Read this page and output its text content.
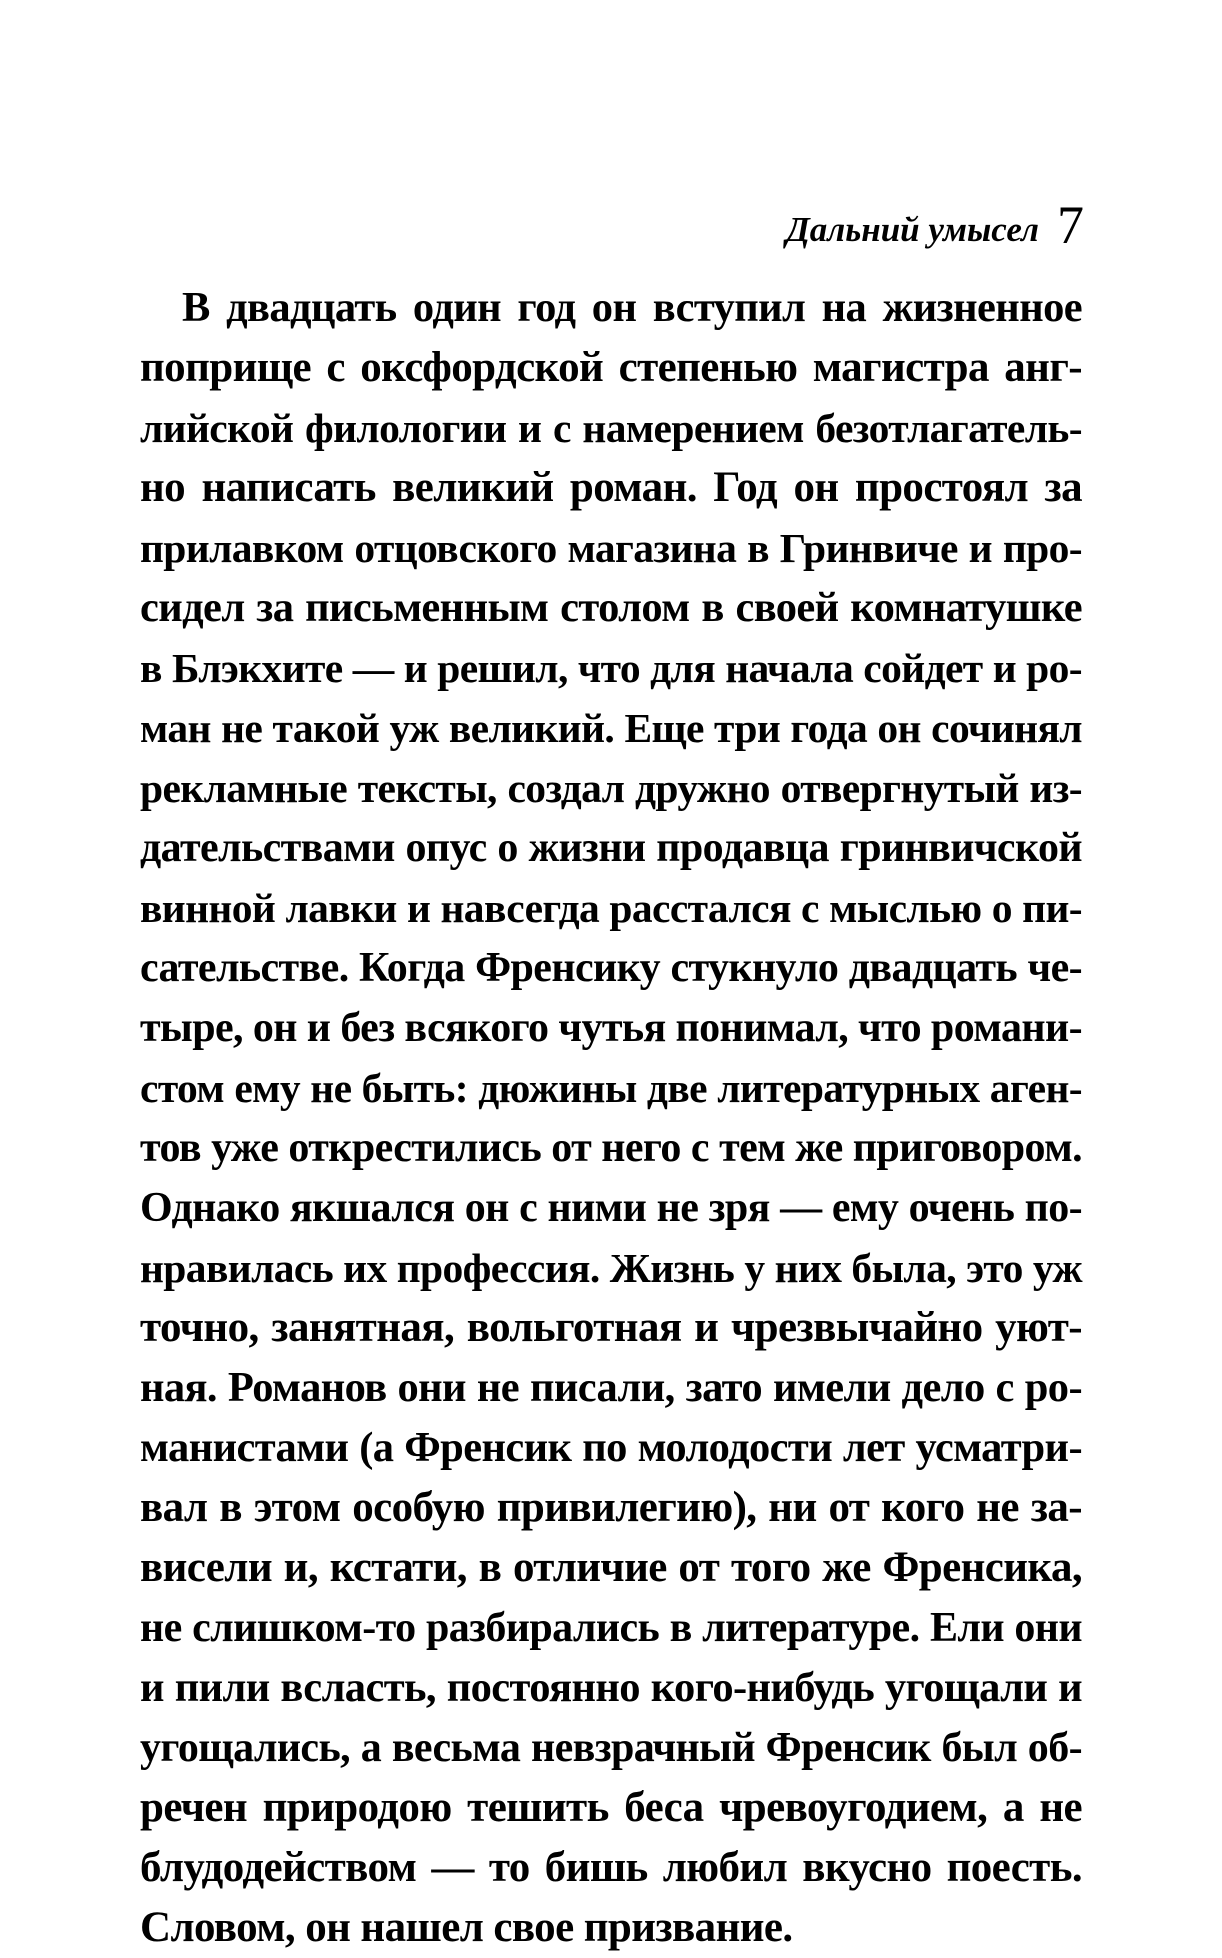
Дальний умысел 7
В двадцать один год он вступил на жизненное
поприще с оксфордской степенью магистра анг-
лийской филологии и с намерением безотлагатель-
но написать великий роман. Год он простоял за
прилавком отцовского магазина в Гринвиче и про-
сидел за письменным столом в своей комнатушке
в Блэкхите — и решил, что для начала сойдет и ро-
ман не такой уж великий. Еще три года он сочинял
рекламные тексты, создал дружно отвергнутый из-
дательствами опус о жизни продавца гринвичской
винной лавки и навсегда расстался с мыслью о пи-
сательстве. Когда Френсику стукнуло двадцать че-
тыре, он и без всякого чутья понимал, что романи-
стом ему не быть: дюжины две литературных аген-
тов уже открестились от него с тем же приговором.
Однако якшался он с ними не зря — ему очень по-
нравилась их профессия. Жизнь у них была, это уж
точно, занятная, вольготная и чрезвычайно уют-
ная. Романов они не писали, зато имели дело с ро-
манистами (а Френсик по молодости лет усматри-
вал в этом особую привилегию), ни от кого не за-
висели и, кстати, в отличие от того же Френсика,
не слишком-то разбирались в литературе. Ели они
и пили всласть, постоянно кого-нибудь угощали и
угощались, а весьма невзрачный Френсик был об-
речен природою тешить беса чревоугодием, а не
блудодейством — то бишь любил вкусно поесть.
Словом, он нашел свое призвание.
